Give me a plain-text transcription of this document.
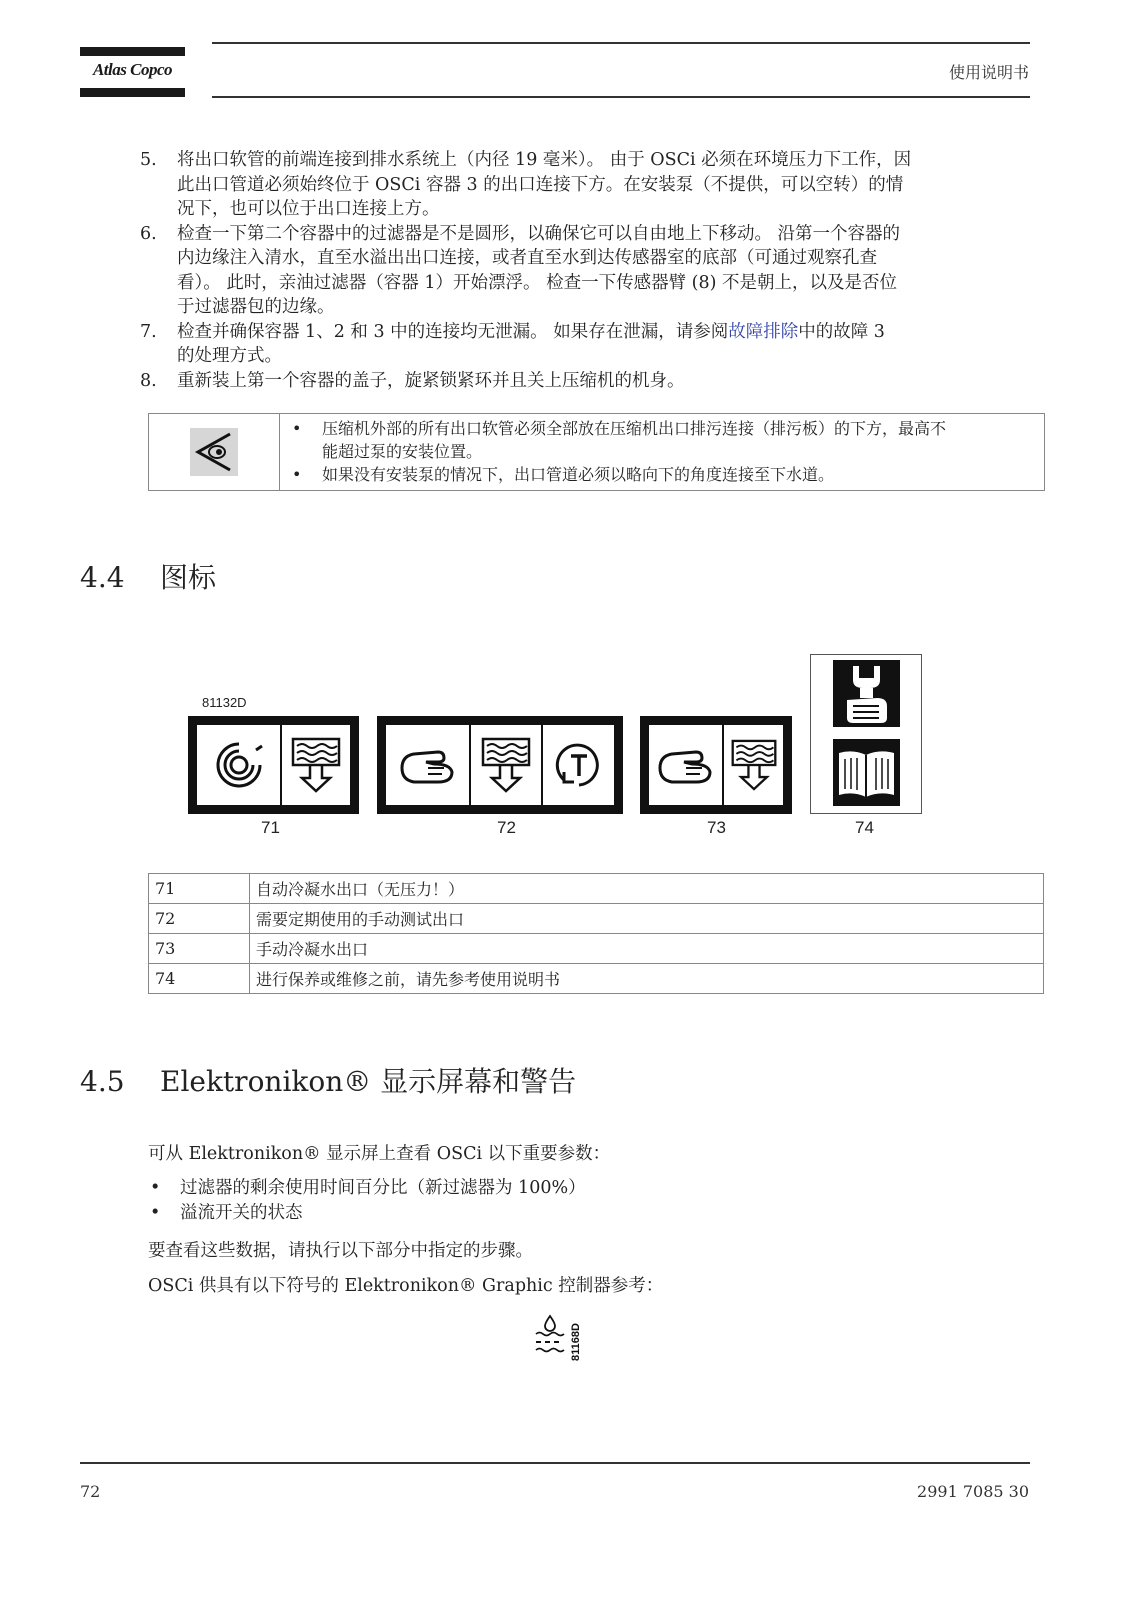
Atlas Copco	使用说明书
5.	将出口软管的前端连接到排水系统上（内径 19 毫米）。 由于 OSCi 必须在环境压力下工作，因
此出口管道必须始终位于 OSCi 容器 3 的出口连接下方。在安装泵（不提供，可以空转）的情
况下，也可以位于出口连接上方。
6.	检查一下第二个容器中的过滤器是不是圆形，以确保它可以自由地上下移动。 沿第一个容器的
内边缘注入清水，直至水溢出出口连接，或者直至水到达传感器室的底部（可通过观察孔查
看）。 此时，亲油过滤器（容器 1）开始漂浮。 检查一下传感器臂 (8) 不是朝上，以及是否位
于过滤器包的边缘。
7.	检查并确保容器 1、2 和 3 中的连接均无泄漏。 如果存在泄漏，请参阅故障排除中的故障 3
的处理方式。
8.	重新装上第一个容器的盖子，旋紧锁紧环并且关上压缩机的机身。
•	压缩机外部的所有出口软管必须全部放在压缩机出口排污连接（排污板）的下方，最高不
能超过泵的安装位置。
•	如果没有安装泵的情况下，出口管道必须以略向下的角度连接至下水道。
4.4 图标
81132D
71	72	73	74
71	自动冷凝水出口（无压力！）
72	需要定期使用的手动测试出口
73	手动冷凝水出口
74	进行保养或维修之前，请先参考使用说明书
4.5 Elektronikon® 显示屏幕和警告
可从 Elektronikon® 显示屏上查看 OSCi 以下重要参数：
•	过滤器的剩余使用时间百分比（新过滤器为 100%）
•	溢流开关的状态
要查看这些数据，请执行以下部分中指定的步骤。
OSCi 供具有以下符号的 Elektronikon® Graphic 控制器参考：
81168D
72	2991 7085 30
